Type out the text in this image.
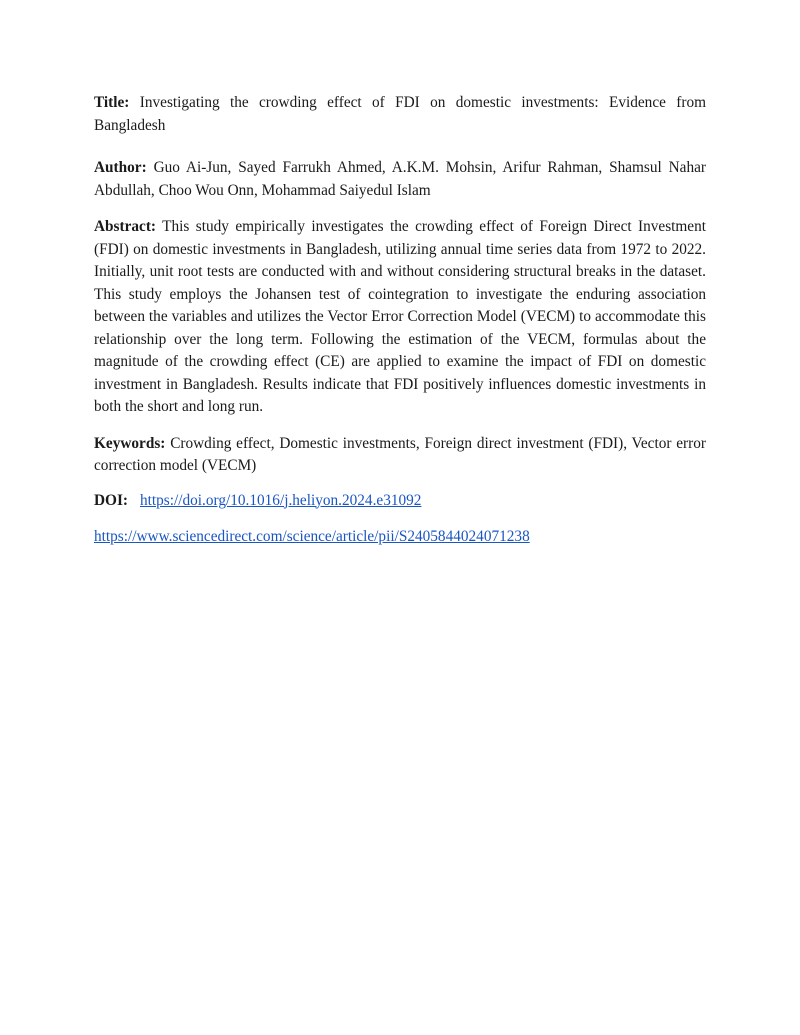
Title: Investigating the crowding effect of FDI on domestic investments: Evidence from Bangladesh

Author: Guo Ai-Jun, Sayed Farrukh Ahmed, A.K.M. Mohsin, Arifur Rahman, Shamsul Nahar Abdullah, Choo Wou Onn, Mohammad Saiyedul Islam

Abstract: This study empirically investigates the crowding effect of Foreign Direct Investment (FDI) on domestic investments in Bangladesh, utilizing annual time series data from 1972 to 2022. Initially, unit root tests are conducted with and without considering structural breaks in the dataset. This study employs the Johansen test of cointegration to investigate the enduring association between the variables and utilizes the Vector Error Correction Model (VECM) to accommodate this relationship over the long term. Following the estimation of the VECM, formulas about the magnitude of the crowding effect (CE) are applied to examine the impact of FDI on domestic investment in Bangladesh. Results indicate that FDI positively influences domestic investments in both the short and long run.

Keywords: Crowding effect, Domestic investments, Foreign direct investment (FDI), Vector error correction model (VECM)

DOI: https://doi.org/10.1016/j.heliyon.2024.e31092

https://www.sciencedirect.com/science/article/pii/S2405844024071238
